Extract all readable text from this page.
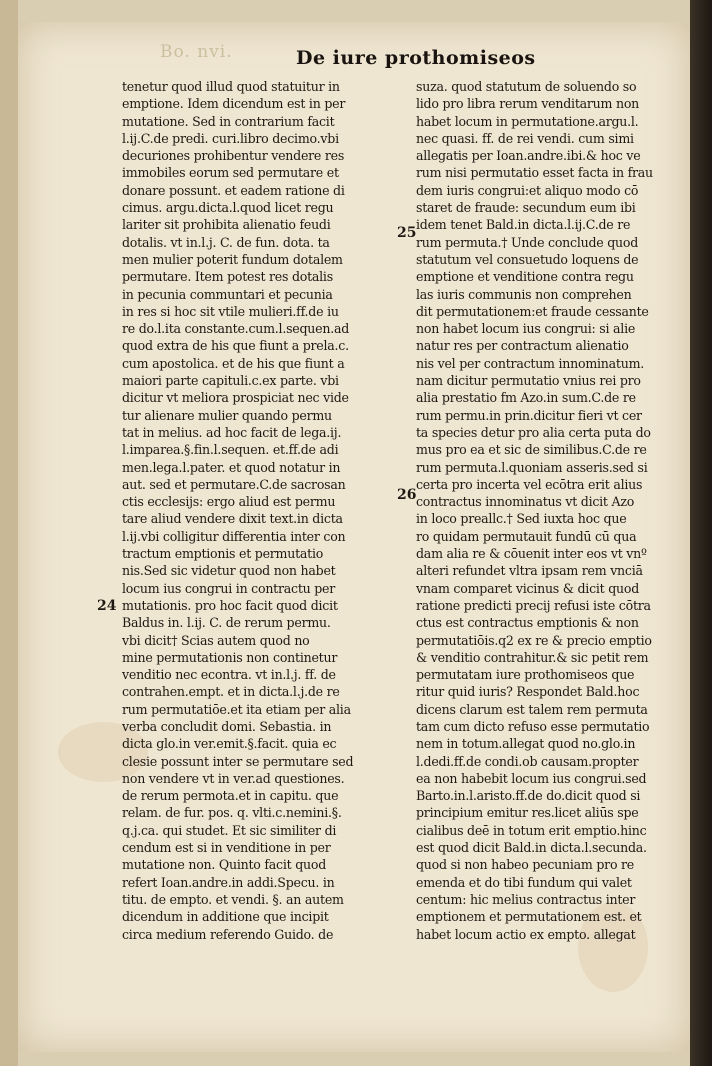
Bo. nvi.	De iure prothomiseos
24
25
26
tenetur quod illud quod statuitur in
emptione. Idem dicendum est in per
mutatione. Sed in contrarium facit
l.ij.C.de predi. curi.libro decimo.vbi
decuriones prohibentur vendere res
immobiles eorum sed permutare et
donare possunt. et eadem ratione di
cimus. argu.dicta.l.quod licet regu
lariter sit prohibita alienatio feudi
dotalis. vt in.l.j. C. de fun. dota. ta
men mulier poterit fundum dotalem
permutare. Item potest res dotalis
in pecunia communtari et pecunia
in res si hoc sit vtile mulieri.ff.de iu
re do.l.ita constante.cum.l.sequen.ad
quod extra de his que fiunt a prela.c.
cum apostolica. et de his que fiunt a
maiori parte capituli.c.ex parte. vbi
dicitur vt meliora prospiciat nec vide
tur alienare mulier quando permu
tat in melius. ad hoc facit de lega.ij.
l.imparea.§.fin.l.sequen. et.ff.de adi
men.lega.l.pater. et quod notatur in
aut. sed et permutare.C.de sacrosan
ctis ecclesijs: ergo aliud est permu
tare aliud vendere dixit text.in dicta
l.ij.vbi colligitur differentia inter con
tractum emptionis et permutatio
nis.Sed sic videtur quod non habet
locum ius congrui in contractu per
mutationis. pro hoc facit quod dicit
Baldus in. l.ij. C. de rerum permu.
vbi dicit† Scias autem quod no
mine permutationis non continetur
venditio nec econtra. vt in.l.j. ff. de
contrahen.empt. et in dicta.l.j.de re
rum permutatiōe.et ita etiam per alia
verba concludit domi. Sebastia. in
dicta glo.in ver.emit.§.facit. quia ec
clesie possunt inter se permutare sed
non vendere vt in ver.ad questiones.
de rerum permota.et in capitu. que
relam. de fur. pos. q. vlti.c.nemini.§.
q.j.ca. qui studet. Et sic similiter di
cendum est si in venditione in per
mutatione non. Quinto facit quod
refert Ioan.andre.in addi.Specu. in
titu. de empto. et vendi. §. an autem
dicendum in additione que incipit
circa medium referendo Guido. de
suza. quod statutum de soluendo so
lido pro libra rerum venditarum non
habet locum in permutatione.argu.l.
nec quasi. ff. de rei vendi. cum simi
allegatis per Ioan.andre.ibi.& hoc ve
rum nisi permutatio esset facta in frau
dem iuris congrui:et aliquo modo cō
staret de fraude: secundum eum ibi
idem tenet Bald.in dicta.l.ij.C.de re
rum permuta.† Unde conclude quod
statutum vel consuetudo loquens de
emptione et venditione contra regu
las iuris communis non comprehen
dit permutationem:et fraude cessante
non habet locum ius congrui: si alie
natur res per contractum alienatio
nis vel per contractum innominatum.
nam dicitur permutatio vnius rei pro
alia prestatio fm Azo.in sum.C.de re
rum permu.in prin.dicitur fieri vt cer
ta species detur pro alia certa puta do
mus pro ea et sic de similibus.C.de re
rum permuta.l.quoniam asseris.sed si
certa pro incerta vel ecōtra erit alius
contractus innominatus vt dicit Azo
in loco preallc.† Sed iuxta hoc que
ro quidam permutauit fundū cū qua
dam alia re & cōuenit inter eos vt vnº
alteri refundet vltra ipsam rem vnciā
vnam comparet vicinus & dicit quod
ratione predicti precij refusi iste cōtra
ctus est contractus emptionis & non
permutatiōis.q2 ex re & precio emptio
& venditio contrahitur.& sic petit rem
permutatam iure prothomiseos que
ritur quid iuris? Respondet Bald.hoc
dicens clarum est talem rem permuta
tam cum dicto refuso esse permutatio
nem in totum.allegat quod no.glo.in
l.dedi.ff.de condi.ob causam.propter
ea non habebit locum ius congrui.sed
Barto.in.l.aristo.ff.de do.dicit quod si
principium emitur res.licet aliūs spe
cialibus deē in totum erit emptio.hinc
est quod dicit Bald.in dicta.l.secunda.
quod si non habeo pecuniam pro re
emenda et do tibi fundum qui valet
centum: hic melius contractus inter
emptionem et permutationem est. et
habet locum actio ex empto. allegat
